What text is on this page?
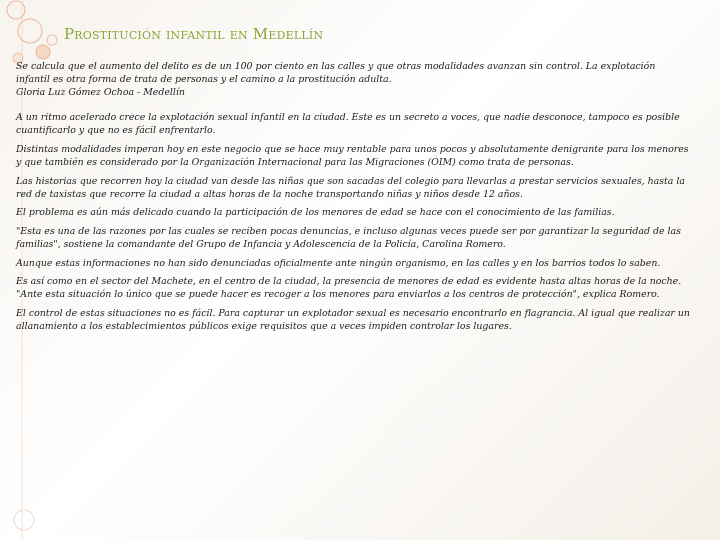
Prostitución infantil en Medellín

Se calcula que el aumento del delito es de un 100 por ciento en las calles y que otras modalidades avanzan sin control. La explotación infantil es otra forma de trata de personas y el camino a la prostitución adulta.

Gloria Luz Gómez Ochoa - Medellín

A un ritmo acelerado crece la explotación sexual infantil en la ciudad. Este es un secreto a voces, que nadie desconoce, tampoco es posible cuantificarlo y que no es fácil enfrentarlo.

Distintas modalidades imperan hoy en este negocio que se hace muy rentable para unos pocos y absolutamente denigrante para los menores y que también es considerado por la Organización Internacional para las Migraciones (OIM) como trata de personas.

Las historias que recorren hoy la ciudad van desde las niñas que son sacadas del colegio para llevarlas a prestar servicios sexuales, hasta la red de taxistas que recorre la ciudad a altas horas de la noche transportando niñas y niños desde 12 años.

El problema es aún más delicado cuando la participación de los menores de edad se hace con el conocimiento de las familias.

"Esta es una de las razones por las cuales se reciben pocas denuncias, e incluso algunas veces puede ser por garantizar la seguridad de las familias", sostiene la comandante del Grupo de Infancia y Adolescencia de la Policía, Carolina Romero.

Aunque estas informaciones no han sido denunciadas oficialmente ante ningún organismo, en las calles y en los barrios todos lo saben.

Es así como en el sector del Machete, en el centro de la ciudad, la presencia de menores de edad es evidente hasta altas horas de la noche. "Ante esta situación lo único que se puede hacer es recoger a los menores para enviarlos a los centros de protección", explica Romero.

El control de estas situaciones no es fácil. Para capturar un explotador sexual es necesario encontrarlo en flagrancia. Al igual que realizar un allanamiento a los establecimientos públicos exige requisitos que a veces impiden controlar los lugares.
